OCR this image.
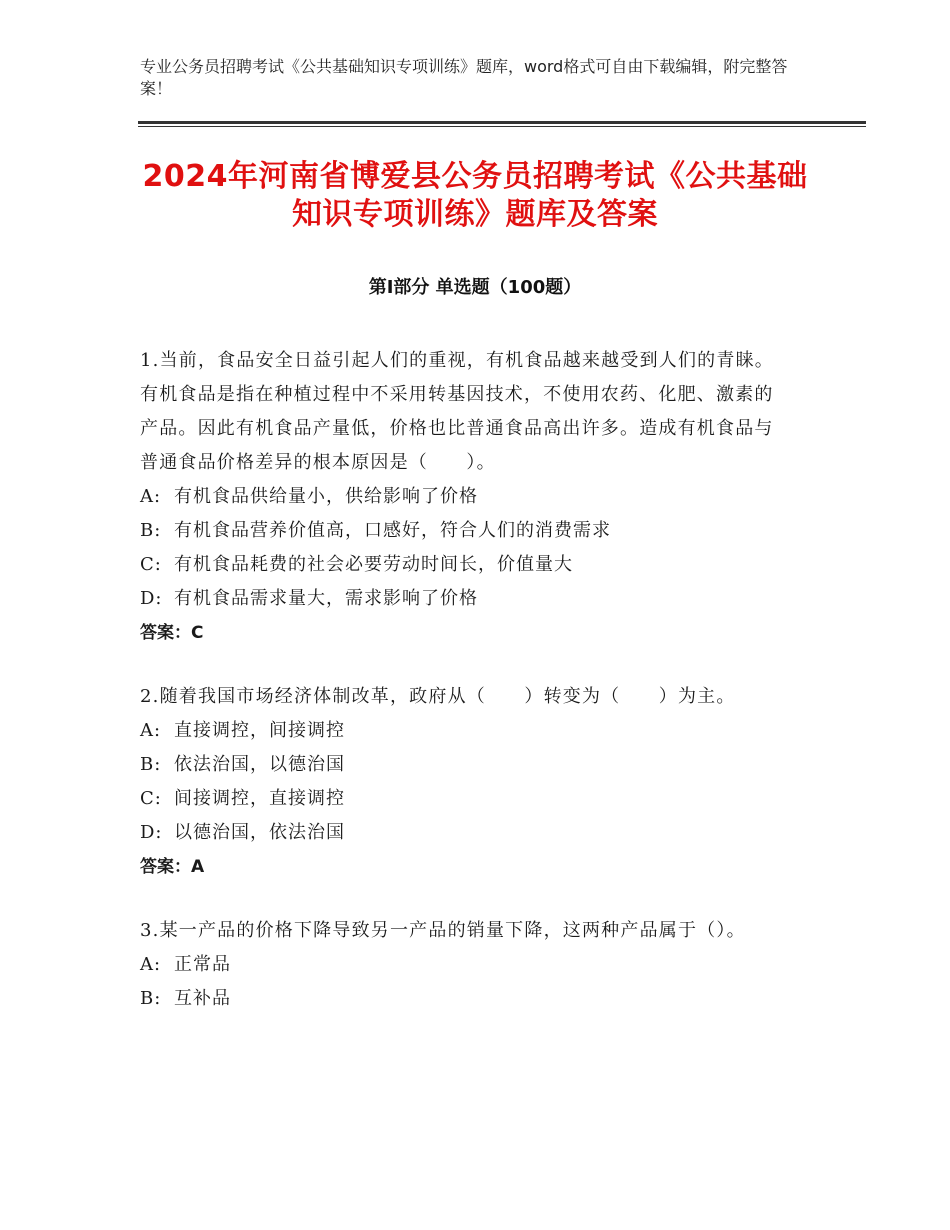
专业公务员招聘考试《公共基础知识专项训练》题库，word格式可自由下载编辑，附完整答案！
2024年河南省博爱县公务员招聘考试《公共基础知识专项训练》题库及答案
第Ⅰ部分 单选题（100题）
1.当前，食品安全日益引起人们的重视，有机食品越来越受到人们的青睐。有机食品是指在种植过程中不采用转基因技术，不使用农药、化肥、激素的产品。因此有机食品产量低，价格也比普通食品高出许多。造成有机食品与普通食品价格差异的根本原因是（　　）。
A: 有机食品供给量小，供给影响了价格
B: 有机食品营养价值高，口感好，符合人们的消费需求
C: 有机食品耗费的社会必要劳动时间长，价值量大
D: 有机食品需求量大，需求影响了价格
答案：C
2.随着我国市场经济体制改革，政府从（　　）转变为（　　）为主。
A: 直接调控，间接调控
B: 依法治国，以德治国
C: 间接调控，直接调控
D: 以德治国，依法治国
答案：A
3.某一产品的价格下降导致另一产品的销量下降，这两种产品属于（）。
A: 正常品
B: 互补品
